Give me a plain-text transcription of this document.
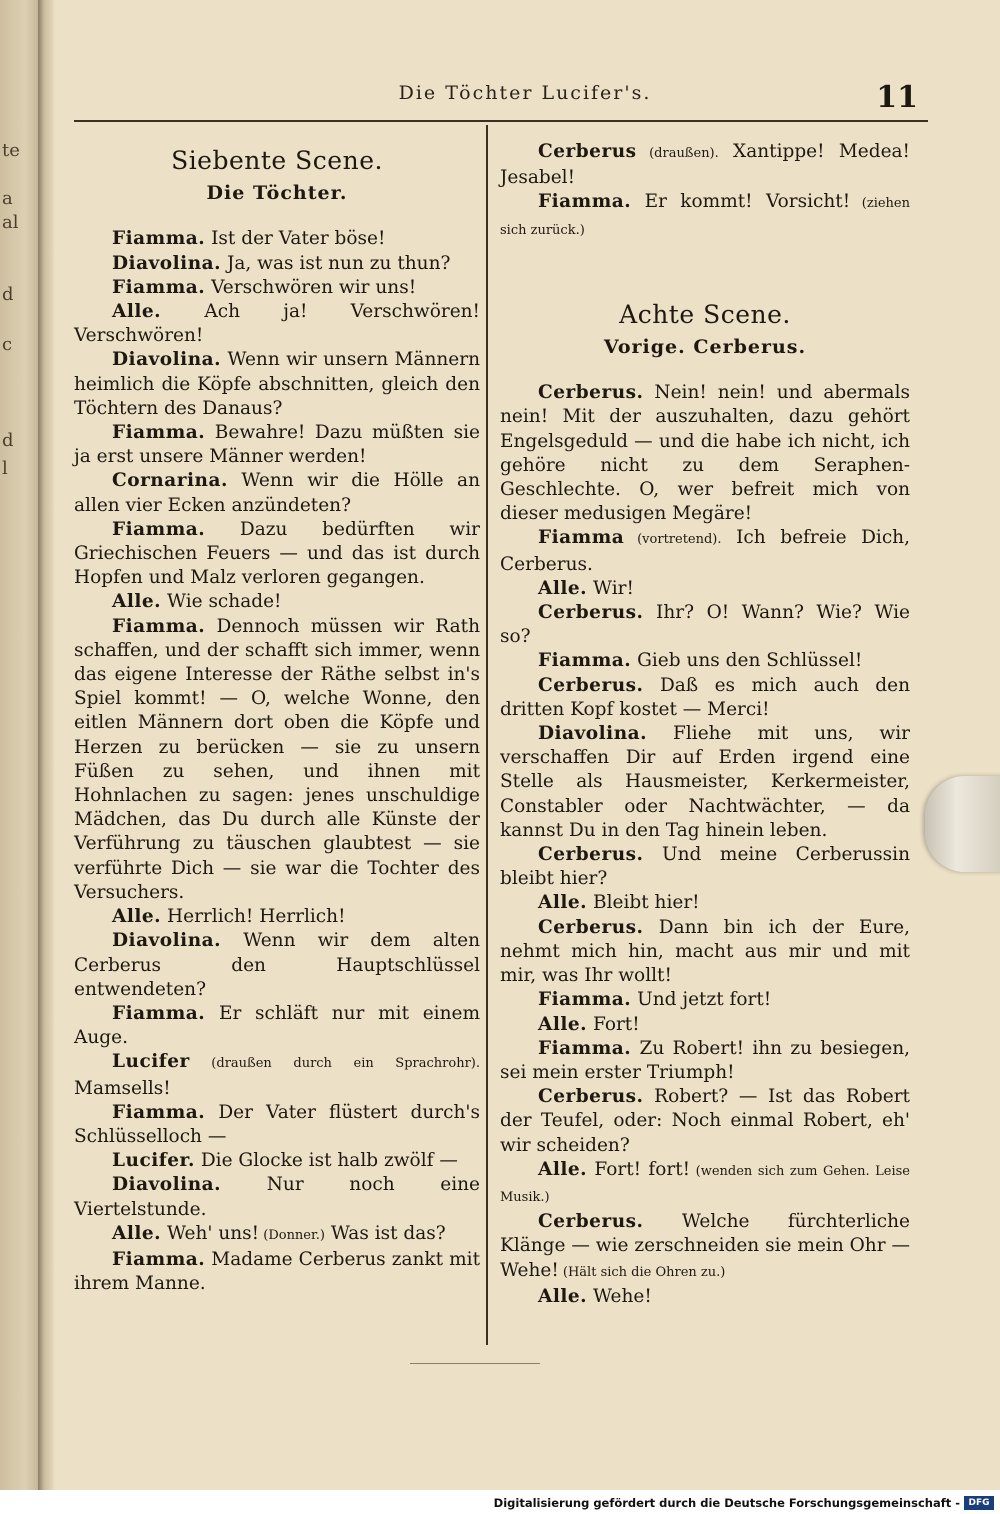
te
a
al
d
c
d
l
Die Töchter Lucifer's.	11
Siebente Scene.
Die Töchter.

Fiamma. Ist der Vater böse!

Diavolina. Ja, was ist nun zu thun?

Fiamma. Verschwören wir uns!

Alle. Ach ja! Verschwören! Verschwören!

Diavolina. Wenn wir unsern Männern heimlich die Köpfe abschnitten, gleich den Töchtern des Danaus?

Fiamma. Bewahre! Dazu müßten sie ja erst unsere Männer werden!

Cornarina. Wenn wir die Hölle an allen vier Ecken anzündeten?

Fiamma. Dazu bedürften wir Griechischen Feuers — und das ist durch Hopfen und Malz verloren gegangen.

Alle. Wie schade!

Fiamma. Dennoch müssen wir Rath schaffen, und der schafft sich immer, wenn das eigene Interesse der Räthe selbst in's Spiel kommt! — O, welche Wonne, den eitlen Männern dort oben die Köpfe und Herzen zu berücken — sie zu unsern Füßen zu sehen, und ihnen mit Hohnlachen zu sagen: jenes unschuldige Mädchen, das Du durch alle Künste der Verführung zu täuschen glaubtest — sie verführte Dich — sie war die Tochter des Versuchers.

Alle. Herrlich! Herrlich!

Diavolina. Wenn wir dem alten Cerberus den Hauptschlüssel entwendeten?

Fiamma. Er schläft nur mit einem Auge.

Lucifer (draußen durch ein Sprachrohr). Mamsells!

Fiamma. Der Vater flüstert durch's Schlüsselloch —

Lucifer. Die Glocke ist halb zwölf —

Diavolina. Nur noch eine Viertelstunde.

Alle. Weh' uns! (Donner.) Was ist das?

Fiamma. Madame Cerberus zankt mit ihrem Manne.

Cerberus (draußen). Xantippe! Medea! Jesabel!

Fiamma. Er kommt! Vorsicht! (ziehen sich zurück.)

Achte Scene.
Vorige. Cerberus.

Cerberus. Nein! nein! und abermals nein! Mit der auszuhalten, dazu gehört Engelsgeduld — und die habe ich nicht, ich gehöre nicht zu dem Seraphen-Geschlechte. O, wer befreit mich von dieser medusigen Megäre!

Fiamma (vortretend). Ich befreie Dich, Cerberus.

Alle. Wir!

Cerberus. Ihr? O! Wann? Wie? Wie so?

Fiamma. Gieb uns den Schlüssel!

Cerberus. Daß es mich auch den dritten Kopf kostet — Merci!

Diavolina. Fliehe mit uns, wir verschaffen Dir auf Erden irgend eine Stelle als Hausmeister, Kerkermeister, Constabler oder Nachtwächter, — da kannst Du in den Tag hinein leben.

Cerberus. Und meine Cerberussin bleibt hier?

Alle. Bleibt hier!

Cerberus. Dann bin ich der Eure, nehmt mich hin, macht aus mir und mit mir, was Ihr wollt!

Fiamma. Und jetzt fort!

Alle. Fort!

Fiamma. Zu Robert! ihn zu besiegen, sei mein erster Triumph!

Cerberus. Robert? — Ist das Robert der Teufel, oder: Noch einmal Robert, eh' wir scheiden?

Alle. Fort! fort! (wenden sich zum Gehen. Leise Musik.)

Cerberus. Welche fürchterliche Klänge — wie zerschneiden sie mein Ohr — Wehe! (Hält sich die Ohren zu.)

Alle. Wehe!

Digitalisierung gefördert durch die Deutsche Forschungsgemeinschaft - DFG
